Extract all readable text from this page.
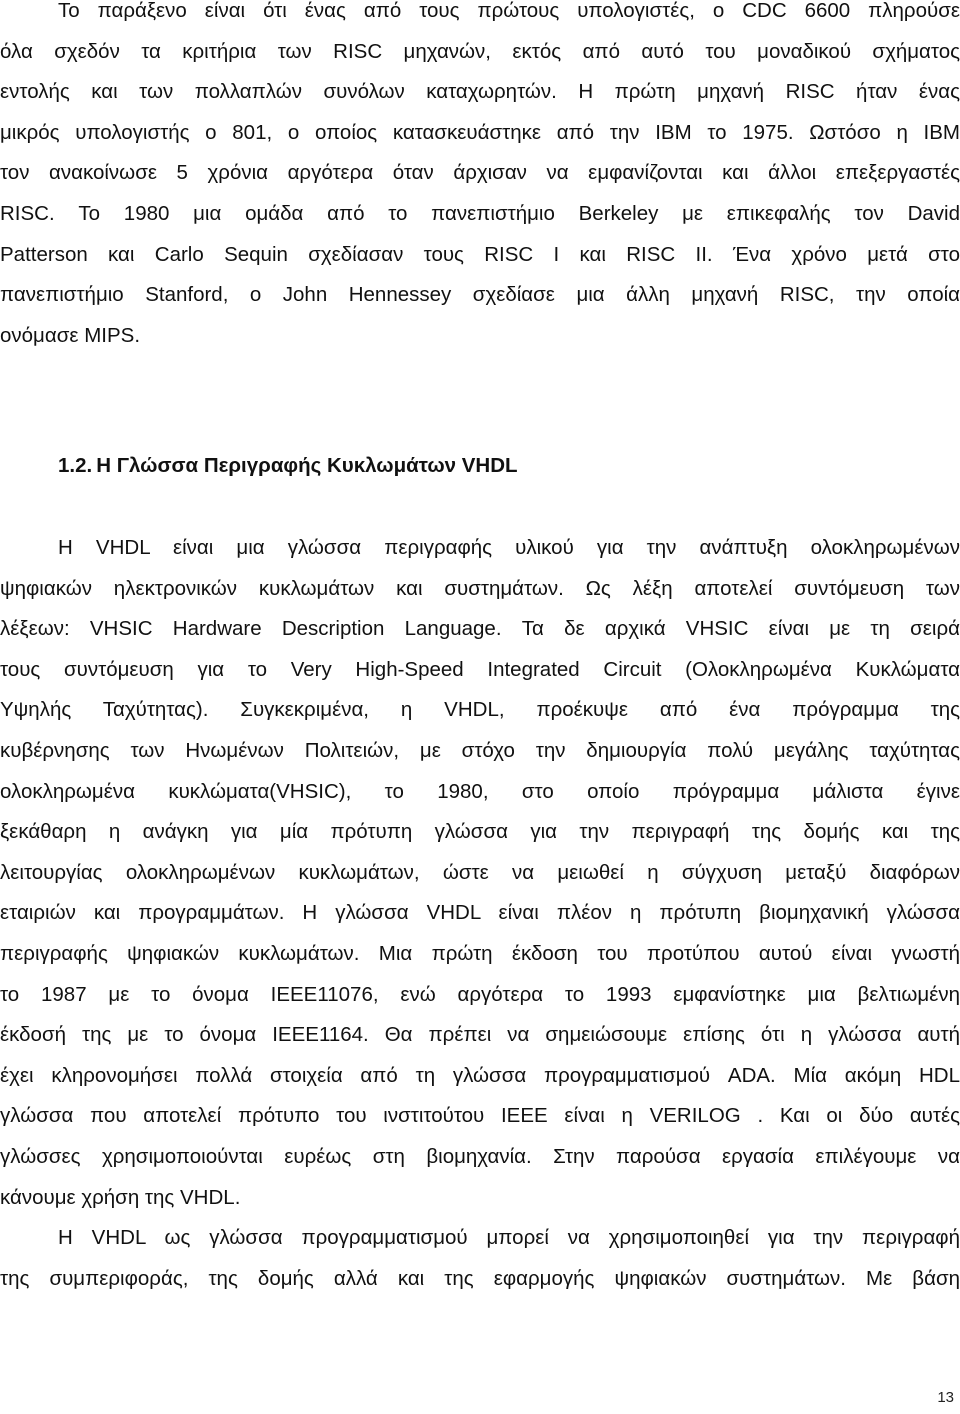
Το παράξενο είναι ότι ένας από τους πρώτους υπολογιστές, ο CDC 6600 πληρούσε
όλα σχεδόν τα κριτήρια των RISC μηχανών, εκτός από αυτό του μοναδικού σχήματος
εντολής και των πολλαπλών συνόλων καταχωρητών. Η πρώτη μηχανή RISC ήταν ένας
μικρός υπολογιστής ο 801, ο οποίος κατασκευάστηκε από την IBM το 1975. Ωστόσο η IBM
τον ανακοίνωσε 5 χρόνια αργότερα όταν άρχισαν να εμφανίζονται και άλλοι επεξεργαστές
RISC. Το 1980 μια ομάδα από το πανεπιστήμιο Berkeley με επικεφαλής τον David
Patterson και Carlo Sequin σχεδίασαν τους RISC I και RISC II. Ένα χρόνο μετά στο
πανεπιστήμιο Stanford, ο John Hennessey σχεδίασε μια άλλη μηχανή RISC, την οποία
ονόμασε MIPS.
1.2. Η Γλώσσα Περιγραφής Κυκλωμάτων VHDL
Η VHDL είναι μια γλώσσα περιγραφής υλικού για την ανάπτυξη ολοκληρωμένων
ψηφιακών ηλεκτρονικών κυκλωμάτων και συστημάτων. Ως λέξη αποτελεί συντόμευση των
λέξεων: VHSIC Hardware Description Language. Τα δε αρχικά VHSIC είναι με τη σειρά
τους συντόμευση για το Very High-Speed Integrated Circuit (Ολοκληρωμένα Κυκλώματα
Υψηλής Ταχύτητας). Συγκεκριμένα, η VHDL, προέκυψε από ένα πρόγραμμα της
κυβέρνησης των Ηνωμένων Πολιτειών, με στόχο την δημιουργία πολύ μεγάλης ταχύτητας
ολοκληρωμένα κυκλώματα(VHSIC), το 1980, στο οποίο πρόγραμμα μάλιστα έγινε
ξεκάθαρη η ανάγκη για μία πρότυπη γλώσσα για την περιγραφή της δομής και της
λειτουργίας ολοκληρωμένων κυκλωμάτων, ώστε να μειωθεί η σύγχυση μεταξύ διαφόρων
εταιριών και προγραμμάτων. Η γλώσσα VHDL είναι πλέον η πρότυπη βιομηχανική γλώσσα
περιγραφής ψηφιακών κυκλωμάτων. Μια πρώτη έκδοση του προτύπου αυτού είναι γνωστή
το 1987 με το όνομα IEEE11076, ενώ αργότερα το 1993 εμφανίστηκε μια βελτιωμένη
έκδοσή της με το όνομα IEEE1164. Θα πρέπει να σημειώσουμε επίσης ότι η γλώσσα αυτή
έχει κληρονομήσει πολλά στοιχεία από τη γλώσσα προγραμματισμού ADA. Μία ακόμη HDL
γλώσσα που αποτελεί πρότυπο του ινστιτούτου IEEE είναι η VERILOG . Και οι δύο αυτές
γλώσσες χρησιμοποιούνται ευρέως στη βιομηχανία. Στην παρούσα εργασία επιλέγουμε να
κάνουμε χρήση της VHDL.
Η VHDL ως γλώσσα προγραμματισμού μπορεί να χρησιμοποιηθεί για την περιγραφή
της συμπεριφοράς, της δομής αλλά και της εφαρμογής ψηφιακών συστημάτων. Με βάση
13
